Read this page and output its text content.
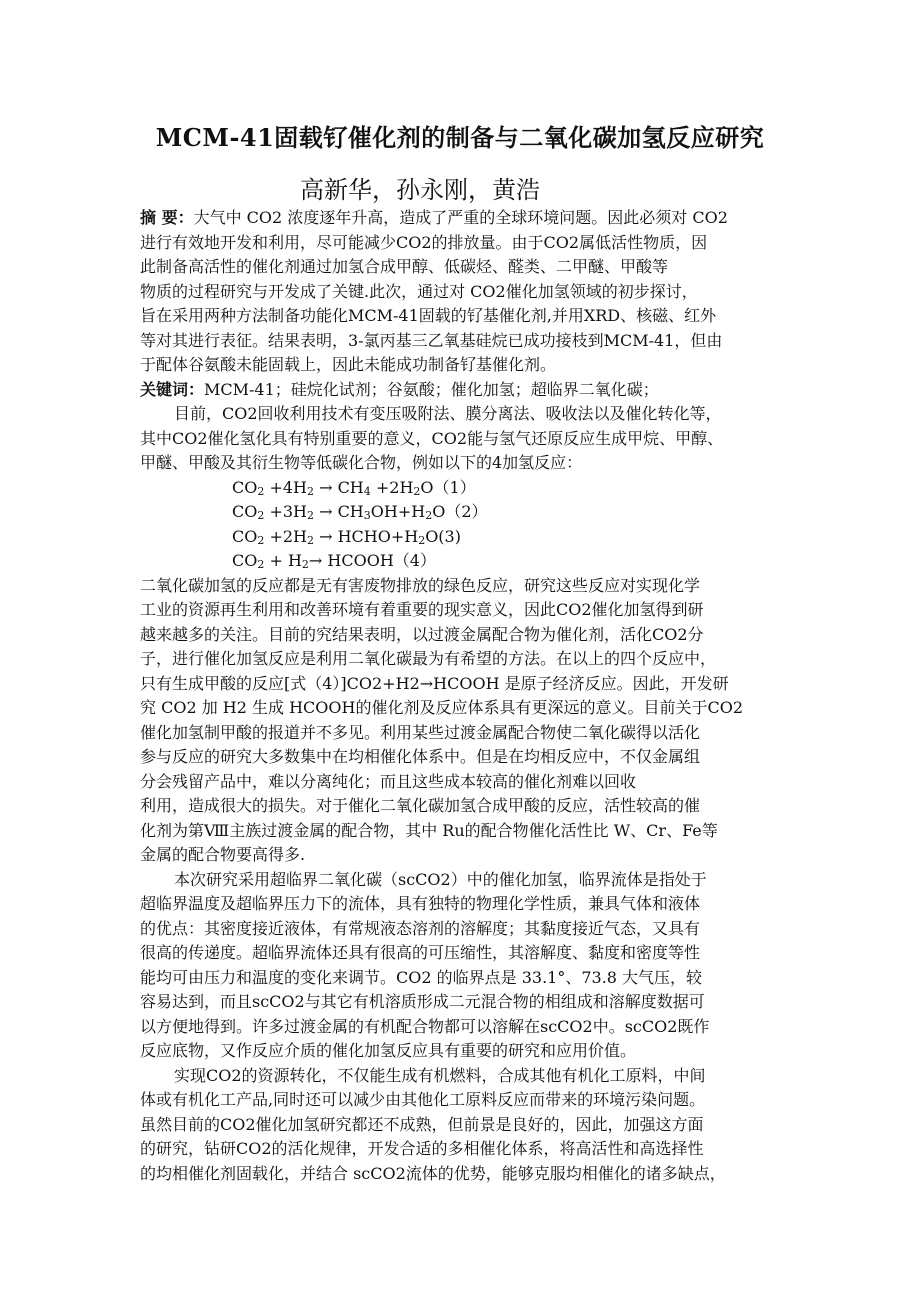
MCM-41固载钌催化剂的制备与二氧化碳加氢反应研究
高新华，孙永刚，黄浩
摘 要：大气中 CO2 浓度逐年升高，造成了严重的全球环境问题。因此必须对 CO2
进行有效地开发和利用，尽可能减少CO2的排放量。由于CO2属低活性物质，因
此制备高活性的催化剂通过加氢合成甲醇、低碳烃、醛类、二甲醚、甲酸等
物质的过程研究与开发成了关键.此次，通过对 CO2催化加氢领域的初步探讨，
旨在采用两种方法制备功能化MCM-41固载的钌基催化剂,并用XRD、核磁、红外
等对其进行表征。结果表明，3-氯丙基三乙氧基硅烷已成功接枝到MCM-41，但由
于配体谷氨酸未能固载上，因此未能成功制备钌基催化剂。
关键词：MCM-41；硅烷化试剂；谷氨酸；催化加氢；超临界二氧化碳；
目前，CO2回收利用技术有变压吸附法、膜分离法、吸收法以及催化转化等，
其中CO2催化氢化具有特别重要的意义，CO2能与氢气还原反应生成甲烷、甲醇、
甲醚、甲酸及其衍生物等低碳化合物，例如以下的4加氢反应：
$CO_2 +4H_2 \to CH_4 +2H_2O(1)$
$CO_2 +3H_2 \to CH_3OH+H_2O(2)$
$CO_2 +2H_2$ → $HCHO+H_2O(3)$
$CO_2 + H_2\to$ HCOOH（4）
二氧化碳加氢的反应都是无有害废物排放的绿色反应，研究这些反应对实现化学
工业的资源再生利用和改善环境有着重要的现实意义，因此CO2催化加氢得到研
越来越多的关注。目前的究结果表明，以过渡金属配合物为催化剂，活化CO2分
子，进行催化加氢反应是利用二氧化碳最为有希望的方法。在以上的四个反应中，
只有生成甲酸的反应[式（4）]CO2+H2→HCOOH 是原子经济反应。因此，开发研
究 CO2 加 H2 生成 HCOOH的催化剂及反应体系具有更深远的意义。目前关于CO2
催化加氢制甲酸的报道并不多见。利用某些过渡金属配合物使二氧化碳得以活化
参与反应的研究大多数集中在均相催化体系中。但是在均相反应中，不仅金属组
分会残留产品中，难以分离纯化；而且这些成本较高的催化剂难以回收
利用，造成很大的损失。对于催化二氧化碳加氢合成甲酸的反应，活性较高的催
化剂为第Ⅷ主族过渡金属的配合物，其中 Ru的配合物催化活性比 W、Cr、Fe等
金属的配合物要高得多.
本次研究采用超临界二氧化碳（scCO2）中的催化加氢，临界流体是指处于
超临界温度及超临界压力下的流体，具有独特的物理化学性质，兼具气体和液体
的优点：其密度接近液体，有常规液态溶剂的溶解度；其黏度接近气态，又具有
很高的传递度。超临界流体还具有很高的可压缩性，其溶解度、黏度和密度等性
能均可由压力和温度的变化来调节。CO2 的临界点是 33.1°、73.8 大气压，较
容易达到，而且scCO2与其它有机溶质形成二元混合物的相组成和溶解度数据可
以方便地得到。许多过渡金属的有机配合物都可以溶解在scCO2中。scCO2既作
反应底物，又作反应介质的催化加氢反应具有重要的研究和应用价值。
实现CO2的资源转化，不仅能生成有机燃料，合成其他有机化工原料，中间
体或有机化工产品,同时还可以减少由其他化工原料反应而带来的环境污染问题。
虽然目前的CO2催化加氢研究都还不成熟，但前景是良好的，因此，加强这方面
的研究，钻研CO2的活化规律，开发合适的多相催化体系，将高活性和高选择性
的均相催化剂固载化，并结合 scCO2流体的优势，能够克服均相催化的诸多缺点，
